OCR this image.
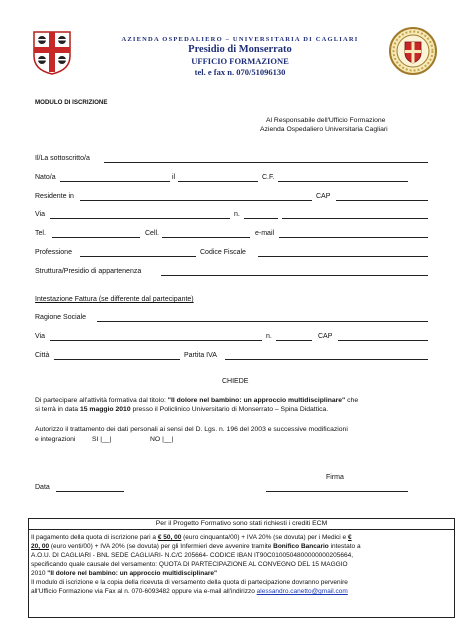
AZIENDA OSPEDALIERO – UNIVERSITARIA DI CAGLIARI
Presidio di Monserrato
UFFICIO FORMAZIONE
tel. e fax n. 070/51096130
MODULO DI ISCRIZIONE
Al Responsabile dell'Ufficio Formazione
Azienda Ospedaliero Universitaria Cagliari
Il/La sottoscritto/a
Nato/a	il	C.F.
Residente in	CAP
Via	n.
Tel.	Cell.	e-mail
Professione	Codice Fiscale
Struttura/Presidio di appartenenza
Intestazione Fattura (se differente dal partecipante)
Ragione Sociale
Via	n.	CAP
Città	Partita IVA
CHIEDE
Di partecipare all'attività formativa dal titolo: "Il dolore nel bambino: un approccio multidisciplinare" che
si terrà in data 15 maggio 2010 presso il Policlinico Universitario di Monserrato – Spina Didattica.
Autorizzo il trattamento dei dati personali ai sensi del D. Lgs. n. 196 del 2003 e successive modificazioni
e integrazioni SI |__|	NO |__|
Firma
Data
Per il Progetto Formativo sono stati richiesti i crediti ECM
Il pagamento della quota di iscrizione pari a € 50, 00 (euro cinquanta/00) + IVA 20% (se dovuta) per i Medici e €
20, 00 (euro venti/00) + IVA 20% (se dovuta) per gli Infermieri deve avvenire tramite Bonifico Bancario intestato a
A.O.U. DI CAGLIARI - BNL SEDE CAGLIARI- N.C/C 205664- CODICE IBAN IT90C0100504800000000205664,
specificando quale causale del versamento: QUOTA DI PARTECIPAZIONE AL CONVEGNO DEL 15 MAGGIO
2010 "Il dolore nel bambino: un approccio multidisciplinare"
Il modulo di iscrizione e la copia della ricevuta di versamento della quota di partecipazione dovranno pervenire
all'Ufficio Formazione via Fax al n. 070-6093482 oppure via e-mail all'indirizzo alessandro.canetto@gmail.com
